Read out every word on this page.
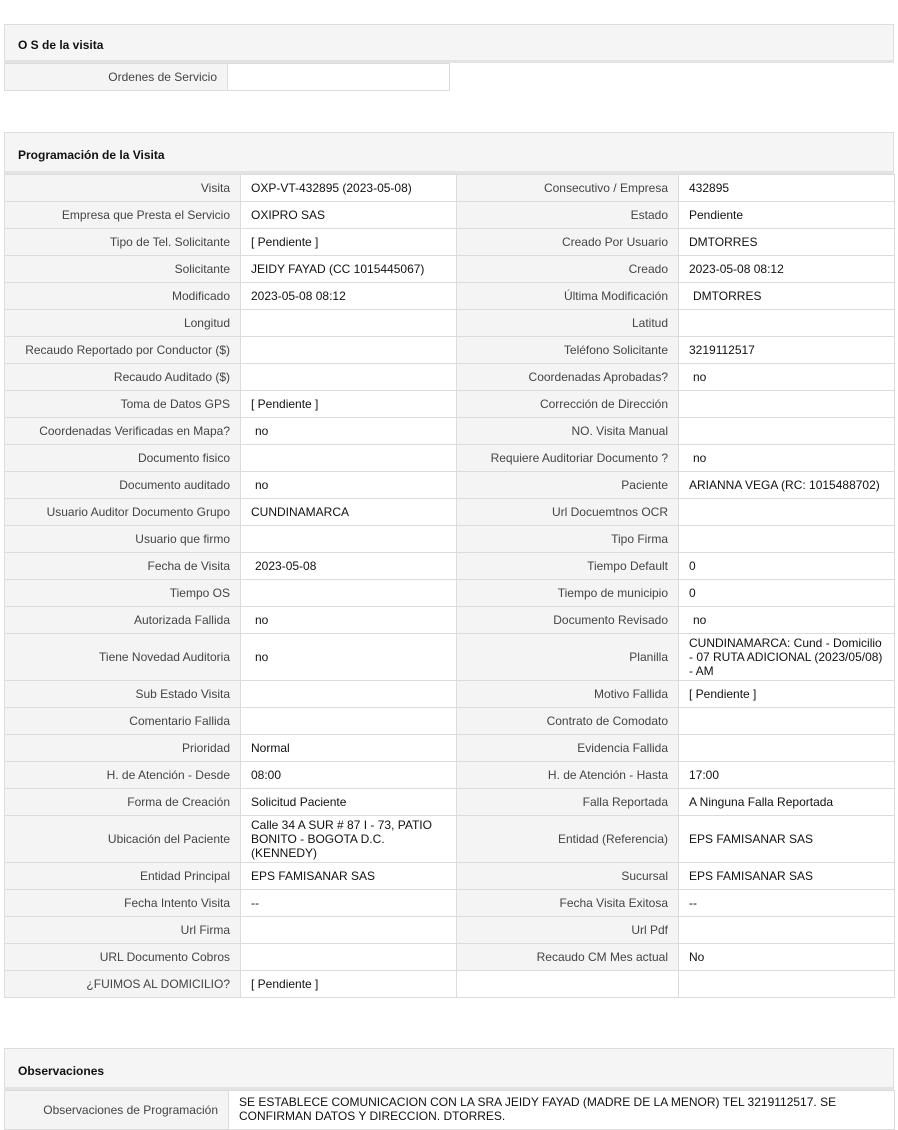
O S de la visita
Ordenes de Servicio	
Programación de la Visita
Visita	OXP-VT-432895 (2023-05-08)	Consecutivo / Empresa	432895
Empresa que Presta el Servicio	OXIPRO SAS	Estado	Pendiente
Tipo de Tel. Solicitante	[ Pendiente ]	Creado Por Usuario	DMTORRES
Solicitante	JEIDY FAYAD (CC 1015445067)	Creado	2023-05-08 08:12
Modificado	2023-05-08 08:12	Última Modificación	DMTORRES
Longitud		Latitud	
Recaudo Reportado por Conductor ($)		Teléfono Solicitante	3219112517
Recaudo Auditado ($)		Coordenadas Aprobadas?	no
Toma de Datos GPS	[ Pendiente ]	Corrección de Dirección	
Coordenadas Verificadas en Mapa?	no	NO. Visita Manual	
Documento fisico		Requiere Auditoriar Documento ?	no
Documento auditado	no	Paciente	ARIANNA VEGA (RC: 1015488702)
Usuario Auditor Documento Grupo	CUNDINAMARCA	Url Docuemtnos OCR	
Usuario que firmo		Tipo Firma	
Fecha de Visita	2023-05-08	Tiempo Default	0
Tiempo OS		Tiempo de municipio	0
Autorizada Fallida	no	Documento Revisado	no
Tiene Novedad Auditoria	no	Planilla	CUNDINAMARCA: Cund - Domicilio - 07 RUTA ADICIONAL (2023/05/08) - AM
Sub Estado Visita		Motivo Fallida	[ Pendiente ]
Comentario Fallida		Contrato de Comodato	
Prioridad	Normal	Evidencia Fallida	
H. de Atención - Desde	08:00	H. de Atención - Hasta	17:00
Forma de Creación	Solicitud Paciente	Falla Reportada	A Ninguna Falla Reportada
Ubicación del Paciente	Calle 34 A SUR # 87 I - 73, PATIO BONITO - BOGOTA D.C. (KENNEDY)	Entidad (Referencia)	EPS FAMISANAR SAS
Entidad Principal	EPS FAMISANAR SAS	Sucursal	EPS FAMISANAR SAS
Fecha Intento Visita	--	Fecha Visita Exitosa	--
Url Firma		Url Pdf	
URL Documento Cobros		Recaudo CM Mes actual	No
¿FUIMOS AL DOMICILIO?	[ Pendiente ]		
Observaciones
Observaciones de Programación	SE ESTABLECE COMUNICACION CON LA SRA JEIDY FAYAD (MADRE DE LA MENOR) TEL 3219112517. SE CONFIRMAN DATOS Y DIRECCION. DTORRES.
